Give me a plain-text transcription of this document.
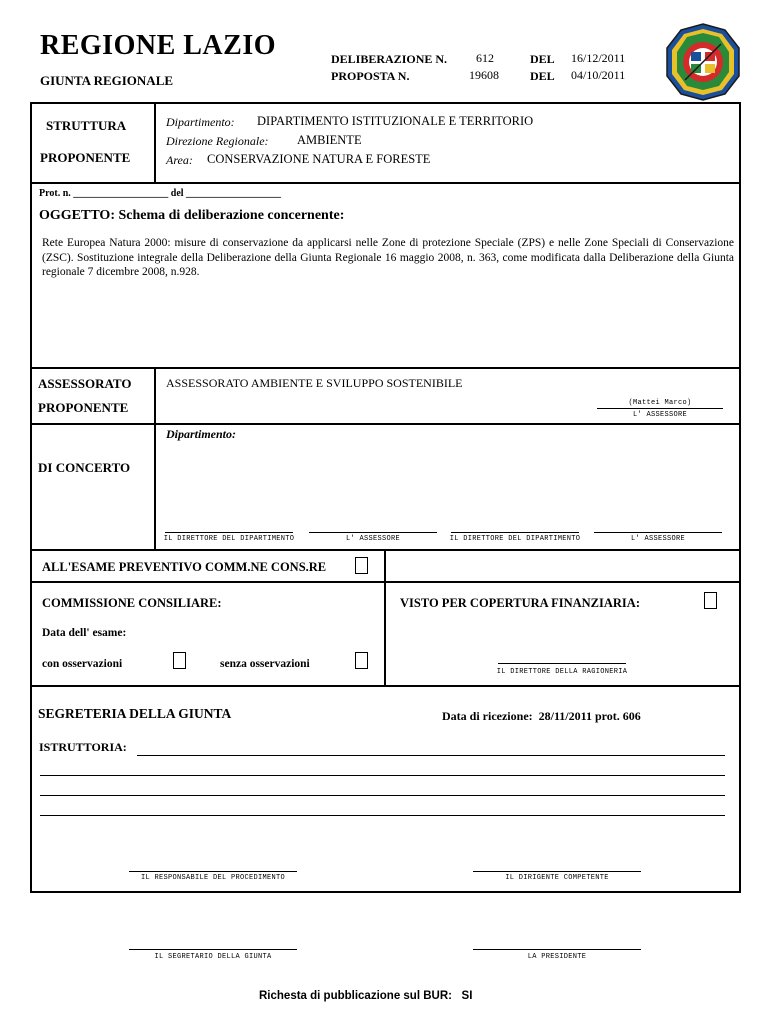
REGIONE LAZIO
GIUNTA REGIONALE
DELIBERAZIONE N. 612	DEL 16/12/2011
PROPOSTA N.	19608	DEL 04/10/2011
STRUTTURA
PROPONENTE
Dipartimento: DIPARTIMENTO ISTITUZIONALE E TERRITORIO
Direzione Regionale: AMBIENTE
Area: CONSERVAZIONE NATURA E FORESTE
Prot. n. ___________________ del ___________________
OGGETTO: Schema di deliberazione concernente:
Rete Europea Natura 2000: misure di conservazione da applicarsi nelle Zone di protezione Speciale (ZPS) e nelle Zone Speciali di Conservazione (ZSC). Sostituzione integrale della Deliberazione della Giunta Regionale 16 maggio 2008, n. 363, come modificata dalla Deliberazione della Giunta regionale 7 dicembre 2008, n.928.
ASSESSORATO
PROPONENTE
ASSESSORATO AMBIENTE E SVILUPPO SOSTENIBILE
(Mattei Marco)
L' ASSESSORE
DI CONCERTO
Dipartimento:
IL DIRETTORE DEL DIPARTIMENTO	L' ASSESSORE	IL DIRETTORE DEL DIPARTIMENTO	L' ASSESSORE
ALL'ESAME PREVENTIVO COMM.NE CONS.RE
COMMISSIONE CONSILIARE:
Data dell' esame:
con osservazioni	senza osservazioni
VISTO PER COPERTURA FINANZIARIA:
IL DIRETTORE DELLA RAGIONERIA
SEGRETERIA DELLA GIUNTA	Data di ricezione:  28/11/2011 prot. 606
ISTRUTTORIA:
IL RESPONSABILE DEL PROCEDIMENTO	IL DIRIGENTE COMPETENTE
IL SEGRETARIO DELLA GIUNTA	LA PRESIDENTE
Richesta di pubblicazione sul BUR:   SI
